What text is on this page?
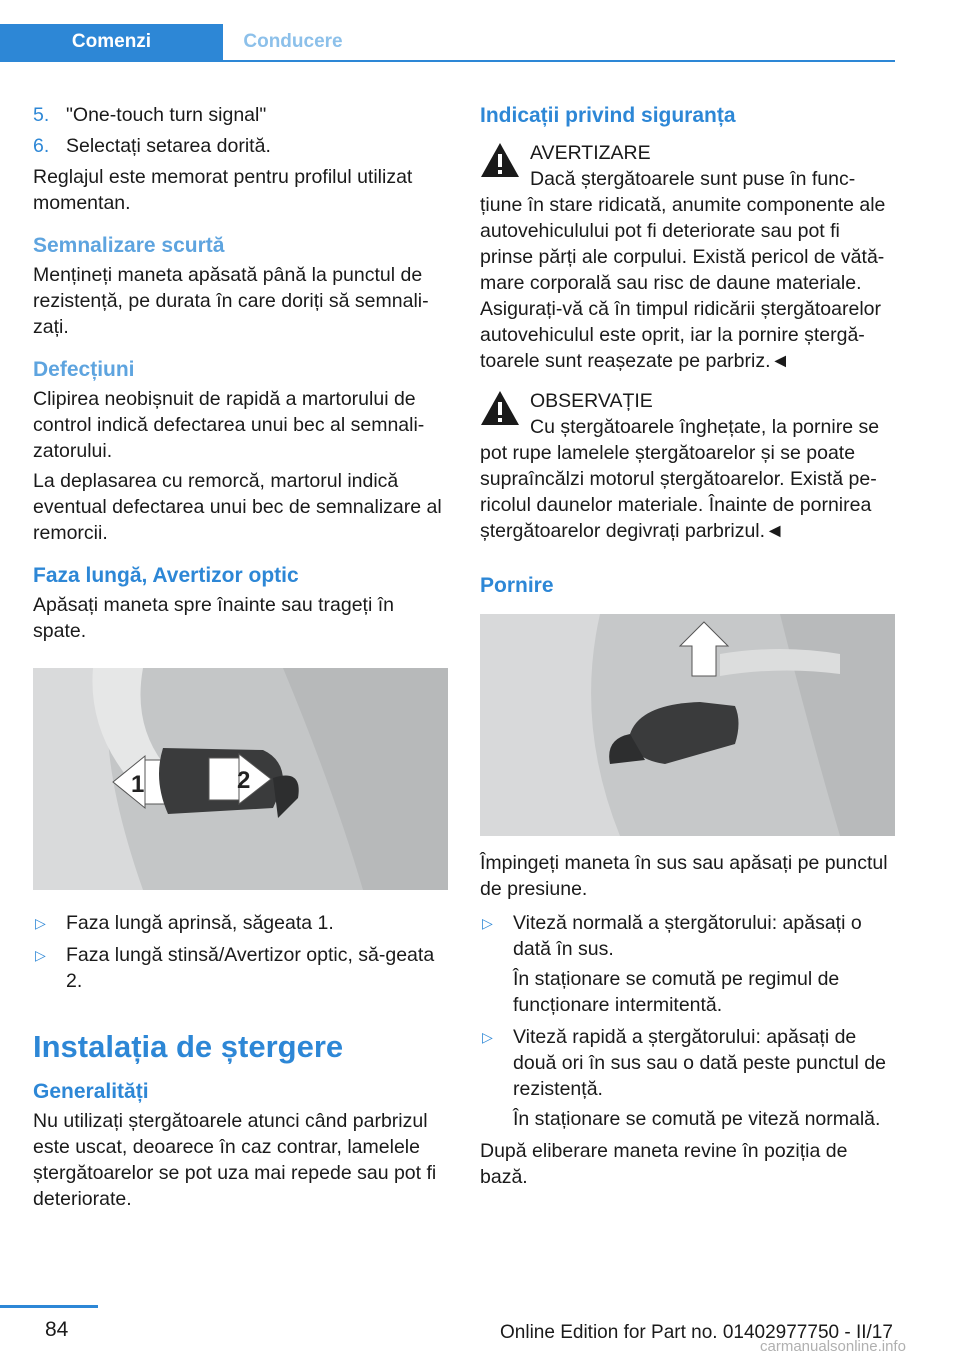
Comenzi	Conducere
5. "One-touch turn signal"
6. Selectați setarea dorită.

Reglajul este memorat pentru profilul utilizat momentan.

Semnalizare scurtă

Mențineți maneta apăsată până la punctul de rezistență, pe durata în care doriți să semnali‐zați.

Defecțiuni

Clipirea neobișnuit de rapidă a martorului de control indică defectarea unui bec al semnali‐zatorului.

La deplasarea cu remorcă, martorul indică eventual defectarea unui bec de semnalizare al remorcii.

Faza lungă, Avertizor optic

Apăsați maneta spre înainte sau trageți în spate.

1	2
▷ Faza lungă aprinsă, săgeata 1.
▷ Faza lungă stinsă/Avertizor optic, să‐geata 2.
Instalația de ștergere
Generalități

Nu utilizați ștergătoarele atunci când parbrizul este uscat, deoarece în caz contrar, lamelele ștergătoarelor se pot uza mai repede sau pot fi deteriorate.

Indicații privind siguranța
AVERTIZARE
Dacă ștergătoarele sunt puse în func‐
țiune în stare ridicată, anumite componente ale autovehiculului pot fi deteriorate sau pot fi prinse părți ale corpului. Există pericol de vătă‐mare corporală sau risc de daune materiale. Asigurați-vă că în timpul ridicării ștergătoarelor autovehiculul este oprit, iar la pornire ștergă‐toarele sunt reașezate pe parbriz.◄
OBSERVAȚIE
Cu ștergătoarele înghețate, la pornire se
pot rupe lamelele ștergătoarelor și se poate supraîncălzi motorul ștergătoarelor. Există pe‐ricolul daunelor materiale. Înainte de pornirea ștergătoarelor degivrați parbrizul.◄
Pornire

Împingeți maneta în sus sau apăsați pe punctul de presiune.

▷ Viteză normală a ștergătorului: apăsați o dată în sus.
În staționare se comută pe regimul de funcționare intermitentă.
▷ Viteză rapidă a ștergătorului: apăsați de două ori în sus sau o dată peste punctul de rezistență.
În staționare se comută pe viteză normală.

După eliberare maneta revine în poziția de bază.

84	Online Edition for Part no. 01402977750 - II/17
carmanualsonline.info
